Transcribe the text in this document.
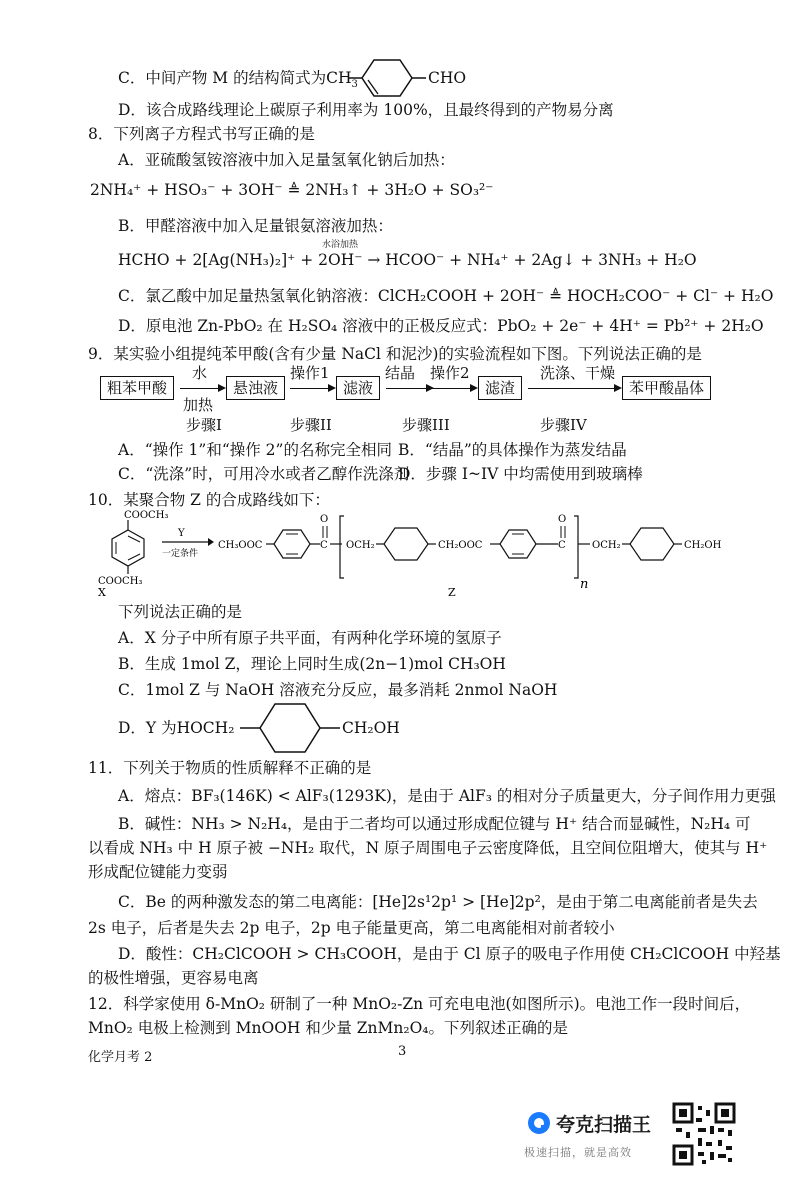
C．中间产物 M 的结构简式为$CH_3$	CHO
D．该合成路线理论上碳原子利用率为 100%，且最终得到的产物易分离
8．下列离子方程式书写正确的是
A．亚硫酸氢铵溶液中加入足量氢氧化钠后加热：
2NH₄⁺ + HSO₃⁻ + 3OH⁻ ≜ 2NH₃↑ + 3H₂O + SO₃²⁻
B．甲醛溶液中加入足量银氨溶液加热：
水浴加热
HCHO + 2[Ag(NH₃)₂]⁺ + 2OH⁻ → HCOO⁻ + NH₄⁺ + 2Ag↓ + 3NH₃ + H₂O
C．氯乙酸中加足量热氢氧化钠溶液：ClCH₂COOH + 2OH⁻ ≜ HOCH₂COO⁻ + Cl⁻ + H₂O
D．原电池 Zn-PbO₂ 在 H₂SO₄ 溶液中的正极反应式：PbO₂ + 2e⁻ + 4H⁺ = Pb²⁺ + 2H₂O
9．某实验小组提纯苯甲酸(含有少量 NaCl 和泥沙)的实验流程如下图。下列说法正确的是
粗苯甲酸
水
加热
悬浊液
操作1
滤液
结晶 操作2
滤渣
洗涤、干燥
苯甲酸晶体
步骤I	步骤II	步骤III	步骤IV
A．“操作 1”和“操作 2”的名称完全相同 B．“结晶”的具体操作为蒸发结晶
C．“洗涤”时，可用冷水或者乙醇作洗涤剂
D．步骤 I~IV 中均需使用到玻璃棒
10．某聚合物 Z 的合成路线如下：
COOCH₃
COOCH₃
X
Y
一定条件
CH₃OOC	C
O
OCH₂	CH₂OOC	C
O
n
OCH₂	CH₂OH
Z
下列说法正确的是
A．X 分子中所有原子共平面，有两种化学环境的氢原子
B．生成 1mol Z，理论上同时生成(2n−1)mol CH₃OH
C．1mol Z 与 NaOH 溶液充分反应，最多消耗 2nmol NaOH
D．Y 为HOCH₂	CH₂OH
11．下列关于物质的性质解释不正确的是
A．熔点：BF₃(146K) < AlF₃(1293K)，是由于 AlF₃ 的相对分子质量更大，分子间作用力更强
B．碱性：NH₃ > N₂H₄，是由于二者均可以通过形成配位键与 H⁺ 结合而显碱性，N₂H₄ 可
以看成 NH₃ 中 H 原子被 −NH₂ 取代，N 原子周围电子云密度降低，且空间位阻增大，使其与 H⁺
形成配位键能力变弱
C．Be 的两种激发态的第二电离能：[He]2s¹2p¹ > [He]2p²，是由于第二电离能前者是失去
2s 电子，后者是失去 2p 电子，2p 电子能量更高，第二电离能相对前者较小
D．酸性：CH₂ClCOOH > CH₃COOH，是由于 Cl 原子的吸电子作用使 CH₂ClCOOH 中羟基
的极性增强，更容易电离
12．科学家使用 δ-MnO₂ 研制了一种 MnO₂-Zn 可充电电池(如图所示)。电池工作一段时间后，
MnO₂ 电极上检测到 MnOOH 和少量 ZnMn₂O₄。下列叙述正确的是
化学月考 2	3
夸克扫描王
极速扫描，就是高效
